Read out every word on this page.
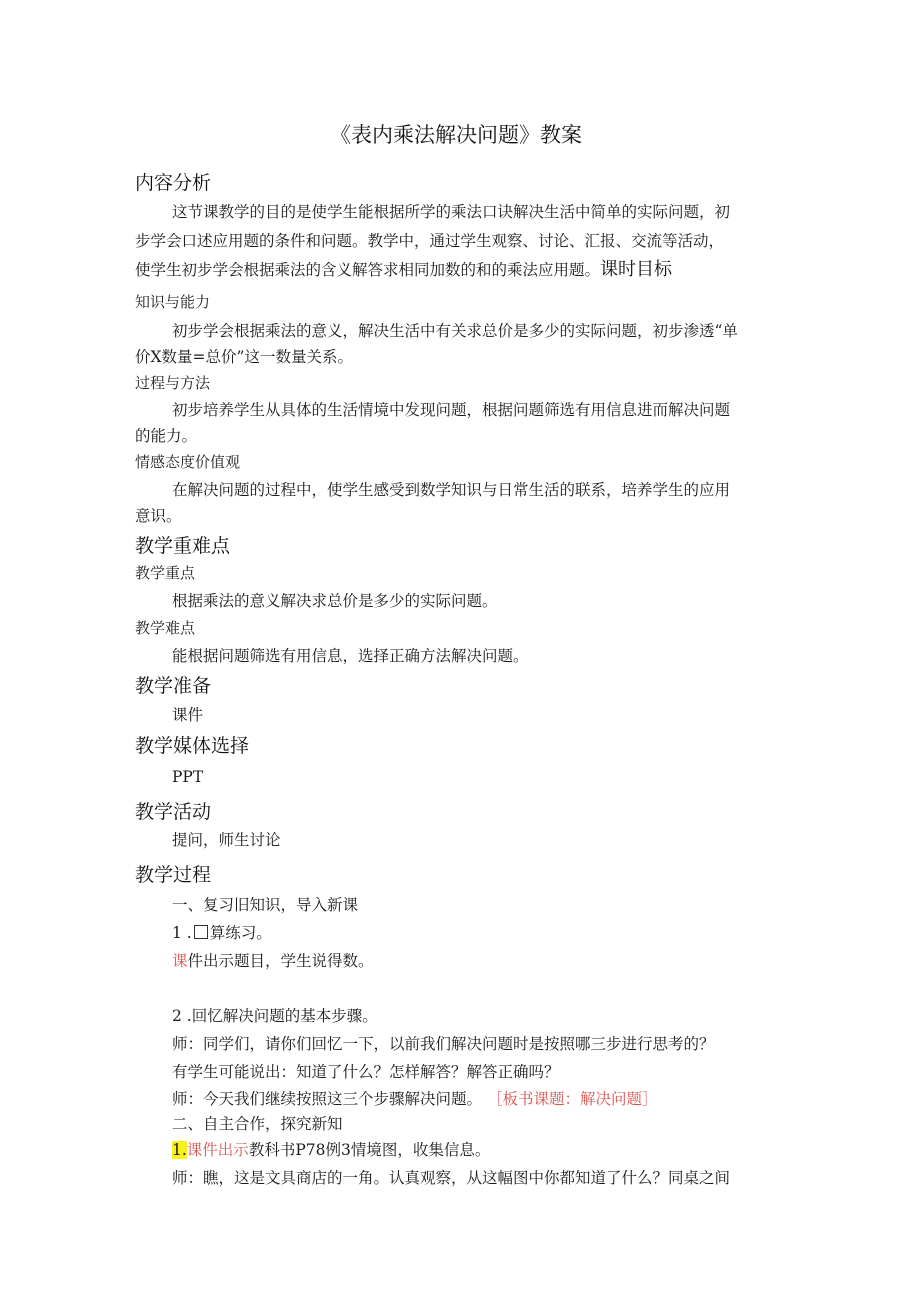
《表内乘法解决问题》教案
内容分析
这节课教学的目的是使学生能根据所学的乘法口诀解决生活中简单的实际问题，初
步学会口述应用题的条件和问题。教学中，通过学生观察、讨论、汇报、交流等活动，
使学生初步学会根据乘法的含义解答求相同加数的和的乘法应用题。课时目标
知识与能力
初步学会根据乘法的意义，解决生活中有关求总价是多少的实际问题，初步渗透“单
价X数量=总价”这一数量关系。
过程与方法
初步培养学生从具体的生活情境中发现问题，根据问题筛选有用信息进而解决问题
的能力。
情感态度价值观
在解决问题的过程中，使学生感受到数学知识与日常生活的联系，培养学生的应用
意识。
教学重难点
教学重点
根据乘法的意义解决求总价是多少的实际问题。
教学难点
能根据问题筛选有用信息，选择正确方法解决问题。
教学准备
课件
教学媒体选择
PPT
教学活动
提问，师生讨论
教学过程
一、复习旧知识，导入新课
1 . 算练习。
课件出示题目，学生说得数。
2 .回忆解决问题的基本步骤。
师：同学们，请你们回忆一下，以前我们解决问题时是按照哪三步进行思考的？
有学生可能说出：知道了什么？怎样解答？解答正确吗？
师：今天我们继续按照这三个步骤解决问题。 ［板书课题：解决问题］
二、自主合作，探究新知
1.课件出示教科书P78例3情境图，收集信息。
师：瞧，这是文具商店的一角。认真观察，从这幅图中你都知道了什么？同桌之间
